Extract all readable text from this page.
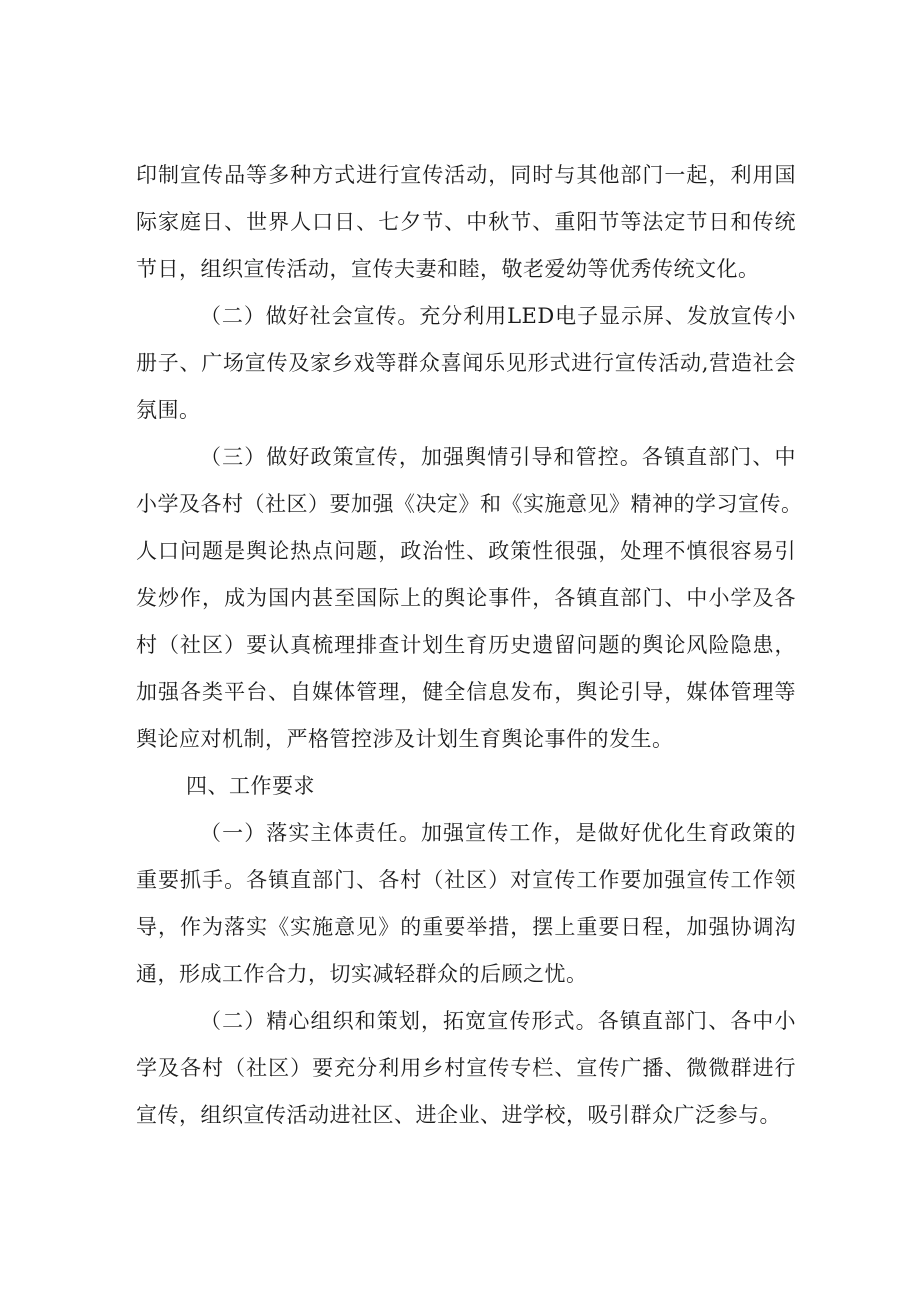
印制宣传品等多种方式进行宣传活动，同时与其他部门一起，利用国
际家庭日、世界人口日、七夕节、中秋节、重阳节等法定节日和传统
节日，组织宣传活动，宣传夫妻和睦，敬老爱幼等优秀传统文化。
（二）做好社会宣传。充分利用LED电子显示屏、发放宣传小
册子、广场宣传及家乡戏等群众喜闻乐见形式进行宣传活动,营造社会
氛围。
（三）做好政策宣传，加强舆情引导和管控。各镇直部门、中
小学及各村（社区）要加强《决定》和《实施意见》精神的学习宣传。
人口问题是舆论热点问题，政治性、政策性很强，处理不慎很容易引
发炒作，成为国内甚至国际上的舆论事件，各镇直部门、中小学及各
村（社区）要认真梳理排查计划生育历史遗留问题的舆论风险隐患，
加强各类平台、自媒体管理，健全信息发布，舆论引导，媒体管理等
舆论应对机制，严格管控涉及计划生育舆论事件的发生。
四、工作要求
（一）落实主体责任。加强宣传工作，是做好优化生育政策的
重要抓手。各镇直部门、各村（社区）对宣传工作要加强宣传工作领
导，作为落实《实施意见》的重要举措，摆上重要日程，加强协调沟
通，形成工作合力，切实减轻群众的后顾之忧。
（二）精心组织和策划，拓宽宣传形式。各镇直部门、各中小
学及各村（社区）要充分利用乡村宣传专栏、宣传广播、微微群进行
宣传，组织宣传活动进社区、进企业、进学校，吸引群众广泛参与。
